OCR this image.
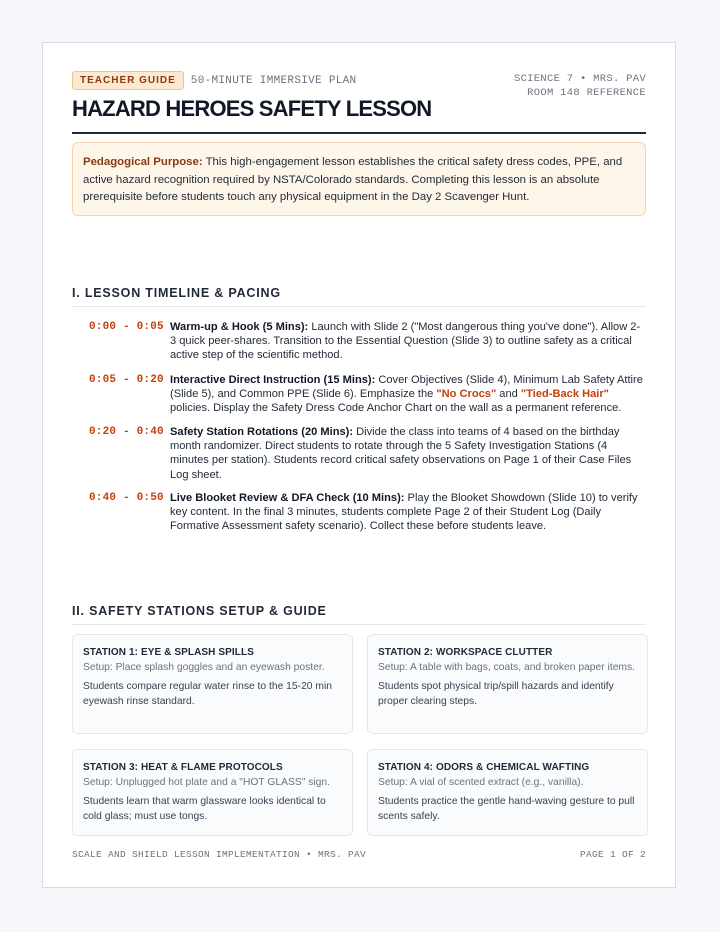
TEACHER GUIDE	50-MINUTE IMMERSIVE PLAN
HAZARD HEROES SAFETY LESSON
SCIENCE 7 • MRS. PAV
ROOM 148 REFERENCE
Pedagogical Purpose: This high-engagement lesson establishes the critical safety dress codes, PPE, and active hazard recognition required by NSTA/Colorado standards. Completing this lesson is an absolute prerequisite before students touch any physical equipment in the Day 2 Scavenger Hunt.
I. LESSON TIMELINE & PACING
0:00 - 0:05 Warm-up & Hook (5 Mins): Launch with Slide 2 ("Most dangerous thing you've done"). Allow 2-3 quick peer-shares. Transition to the Essential Question (Slide 3) to outline safety as a critical active step of the scientific method.
0:05 - 0:20 Interactive Direct Instruction (15 Mins): Cover Objectives (Slide 4), Minimum Lab Safety Attire (Slide 5), and Common PPE (Slide 6). Emphasize the "No Crocs" and "Tied-Back Hair" policies. Display the Safety Dress Code Anchor Chart on the wall as a permanent reference.
0:20 - 0:40 Safety Station Rotations (20 Mins): Divide the class into teams of 4 based on the birthday month randomizer. Direct students to rotate through the 5 Safety Investigation Stations (4 minutes per station). Students record critical safety observations on Page 1 of their Case Files Log sheet.
0:40 - 0:50 Live Blooket Review & DFA Check (10 Mins): Play the Blooket Showdown (Slide 10) to verify key content. In the final 3 minutes, students complete Page 2 of their Student Log (Daily Formative Assessment safety scenario). Collect these before students leave.
II. SAFETY STATIONS SETUP & GUIDE
STATION 1: EYE & SPLASH SPILLS
Setup: Place splash goggles and an eyewash poster.
Students compare regular water rinse to the 15-20 min eyewash rinse standard.
STATION 2: WORKSPACE CLUTTER
Setup: A table with bags, coats, and broken paper items.
Students spot physical trip/spill hazards and identify proper clearing steps.
STATION 3: HEAT & FLAME PROTOCOLS
Setup: Unplugged hot plate and a "HOT GLASS" sign.
Students learn that warm glassware looks identical to cold glass; must use tongs.
STATION 4: ODORS & CHEMICAL WAFTING
Setup: A vial of scented extract (e.g., vanilla).
Students practice the gentle hand-waving gesture to pull scents safely.
SCALE AND SHIELD LESSON IMPLEMENTATION • MRS. PAV	PAGE 1 OF 2
